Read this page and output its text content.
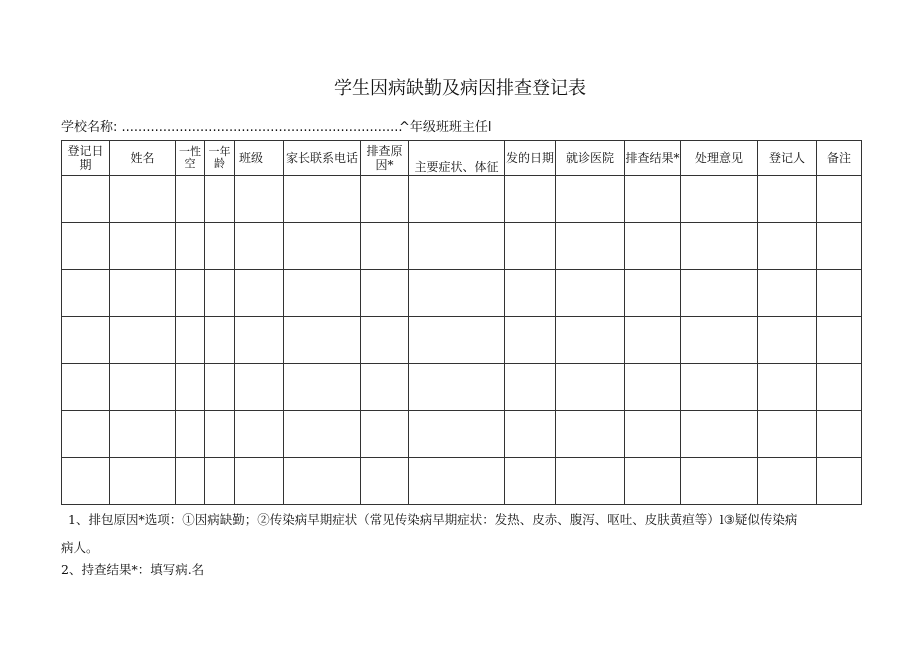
学生因病缺勤及病因排查登记表
学校名称: ....................................................................
^年级班班主任l
登记日期	姓名	一性空	一年龄	班级	家长联系电话	排查原因*	主要症状、体征	发的日期	就诊医院	排查结果*	处理意见	登记人	备注

1、排包原因*选项：①因病缺勤；②传染病早期症状（常见传染病早期症状：发热、皮赤、腹泻、呕吐、皮肤黄疸等）l③疑似传染病
病人。
2、持查结果*：填写病.名
